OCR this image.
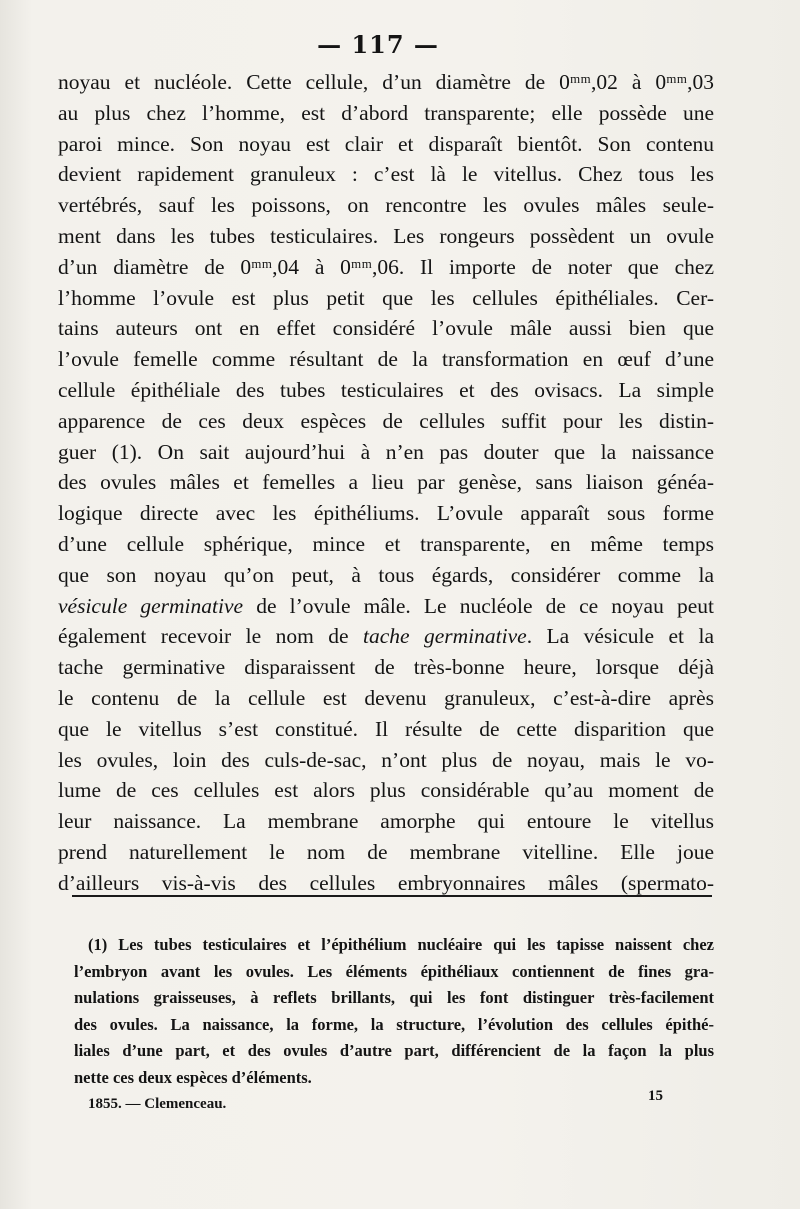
— 117 —
noyau et nucléole. Cette cellule, d’un diamètre de 0ᵐᵐ,02 à 0ᵐᵐ,03
au plus chez l’homme, est d’abord transparente; elle possède une
paroi mince. Son noyau est clair et disparaît bientôt. Son contenu
devient rapidement granuleux : c’est là le vitellus. Chez tous les
vertébrés, sauf les poissons, on rencontre les ovules mâles seule-
ment dans les tubes testiculaires. Les rongeurs possèdent un ovule
d’un diamètre de 0ᵐᵐ,04 à 0ᵐᵐ,06. Il importe de noter que chez
l’homme l’ovule est plus petit que les cellules épithéliales. Cer-
tains auteurs ont en effet considéré l’ovule mâle aussi bien que
l’ovule femelle comme résultant de la transformation en œuf d’une
cellule épithéliale des tubes testiculaires et des ovisacs. La simple
apparence de ces deux espèces de cellules suffit pour les distin-
guer (1). On sait aujourd’hui à n’en pas douter que la naissance
des ovules mâles et femelles a lieu par genèse, sans liaison généa-
logique directe avec les épithéliums. L’ovule apparaît sous forme
d’une cellule sphérique, mince et transparente, en même temps
que son noyau qu’on peut, à tous égards, considérer comme la
vésicule germinative de l’ovule mâle. Le nucléole de ce noyau peut
également recevoir le nom de tache germinative. La vésicule et la
tache germinative disparaissent de très-bonne heure, lorsque déjà
le contenu de la cellule est devenu granuleux, c’est-à-dire après
que le vitellus s’est constitué. Il résulte de cette disparition que
les ovules, loin des culs-de-sac, n’ont plus de noyau, mais le vo-
lume de ces cellules est alors plus considérable qu’au moment de
leur naissance. La membrane amorphe qui entoure le vitellus
prend naturellement le nom de membrane vitelline. Elle joue
d’ailleurs vis-à-vis des cellules embryonnaires mâles (spermato-
(1) Les tubes testiculaires et l’épithélium nucléaire qui les tapisse naissent chez
l’embryon avant les ovules. Les éléments épithéliaux contiennent de fines gra-
nulations graisseuses, à reflets brillants, qui les font distinguer très-facilement
des ovules. La naissance, la forme, la structure, l’évolution des cellules épithé-
liales d’une part, et des ovules d’autre part, différencient de la façon la plus
nette ces deux espèces d’éléments.
1855. — Clemenceau.	15
